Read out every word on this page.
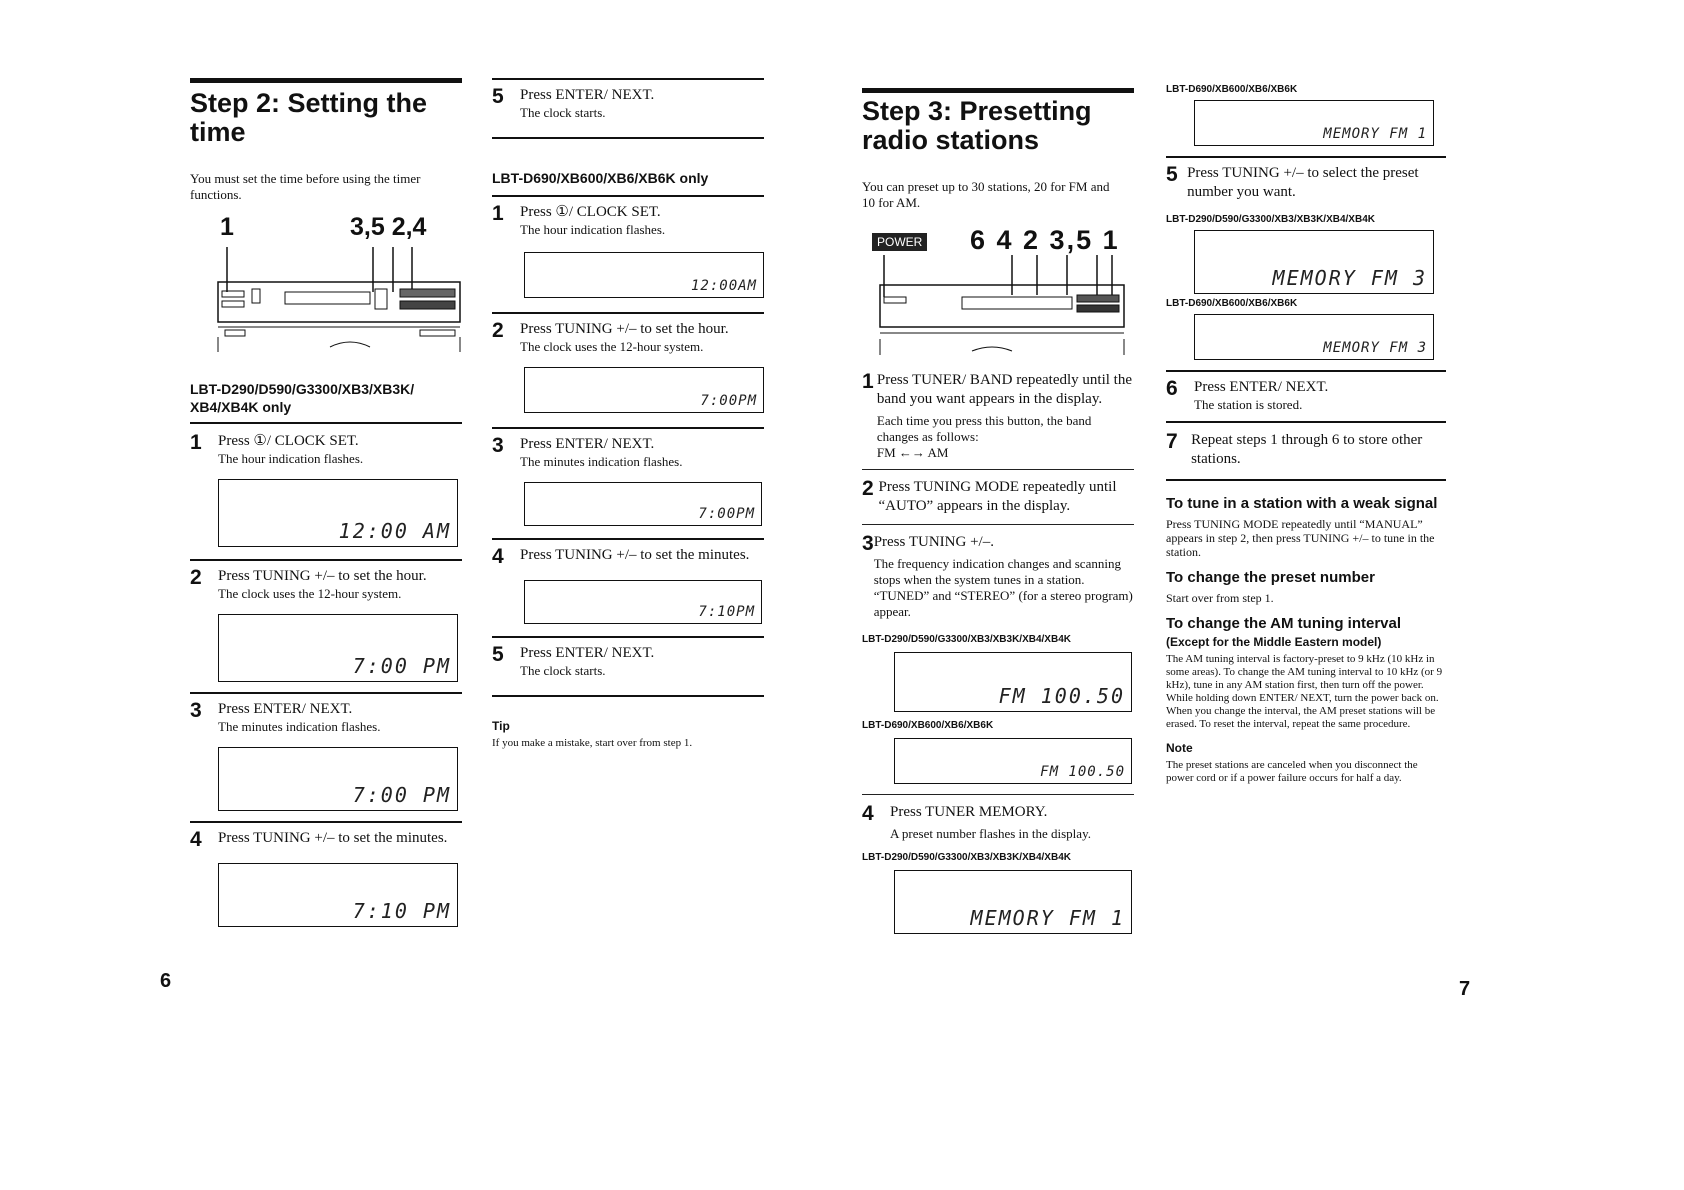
Step 2: Setting the time

You must set the time before using the timer functions.

1	3,5 2,4
LBT-D290/D590/G3300/XB3/XB3K/ XB4/XB4K only
1	Press ①/ CLOCK SET.
The hour indication flashes.
12:00 AM
2	Press TUNING +/– to set the hour.
The clock uses the 12-hour system.
7:00 PM
3	Press ENTER/ NEXT.
The minutes indication flashes.
7:00 PM
4	Press TUNING +/– to set the minutes.
7:10 PM
6
5	Press ENTER/ NEXT.
The clock starts.
LBT-D690/XB600/XB6/XB6K only
1	Press ①/ CLOCK SET.
The hour indication flashes.
12:00AM
2	Press TUNING +/– to set the hour.
The clock uses the 12-hour system.
7:00PM
3	Press ENTER/ NEXT.
The minutes indication flashes.
7:00PM
4	Press TUNING +/– to set the minutes.
7:10PM
5	Press ENTER/ NEXT.
The clock starts.
Tip
If you make a mistake, start over from step 1.
Step 3: Presetting radio stations

You can preset up to 30 stations, 20 for FM and 10 for AM.

POWER 6 4 2 3,5 1
1 Press TUNER/ BAND repeatedly until the band you want appears in the display.
Each time you press this button, the band changes as follows:
FM ←→ AM
2 Press TUNING MODE repeatedly until “AUTO” appears in the display.
3 Press TUNING +/–.
The frequency indication changes and scanning stops when the system tunes in a station. “TUNED” and “STEREO” (for a stereo program) appear.
LBT-D290/D590/G3300/XB3/XB3K/XB4/XB4K
FM 100.50
LBT-D690/XB600/XB6/XB6K
FM 100.50
4	Press TUNER MEMORY.
A preset number flashes in the display.
LBT-D290/D590/G3300/XB3/XB3K/XB4/XB4K
MEMORY FM 1
7
LBT-D690/XB600/XB6/XB6K
MEMORY FM 1
5 Press TUNING +/– to select the preset number you want.
LBT-D290/D590/G3300/XB3/XB3K/XB4/XB4K
MEMORY FM 3
LBT-D690/XB600/XB6/XB6K
MEMORY FM 3
6	Press ENTER/ NEXT.
The station is stored.
7 Repeat steps 1 through 6 to store other stations.
To tune in a station with a weak signal
Press TUNING MODE repeatedly until “MANUAL” appears in step 2, then press TUNING +/– to tune in the station.
To change the preset number
Start over from step 1.
To change the AM tuning interval
(Except for the Middle Eastern model)
The AM tuning interval is factory-preset to 9 kHz (10 kHz in some areas). To change the AM tuning interval to 10 kHz (or 9 kHz), tune in any AM station first, then turn off the power. While holding down ENTER/ NEXT, turn the power back on. When you change the interval, the AM preset stations will be erased. To reset the interval, repeat the same procedure.
Note
The preset stations are canceled when you disconnect the power cord or if a power failure occurs for half a day.
